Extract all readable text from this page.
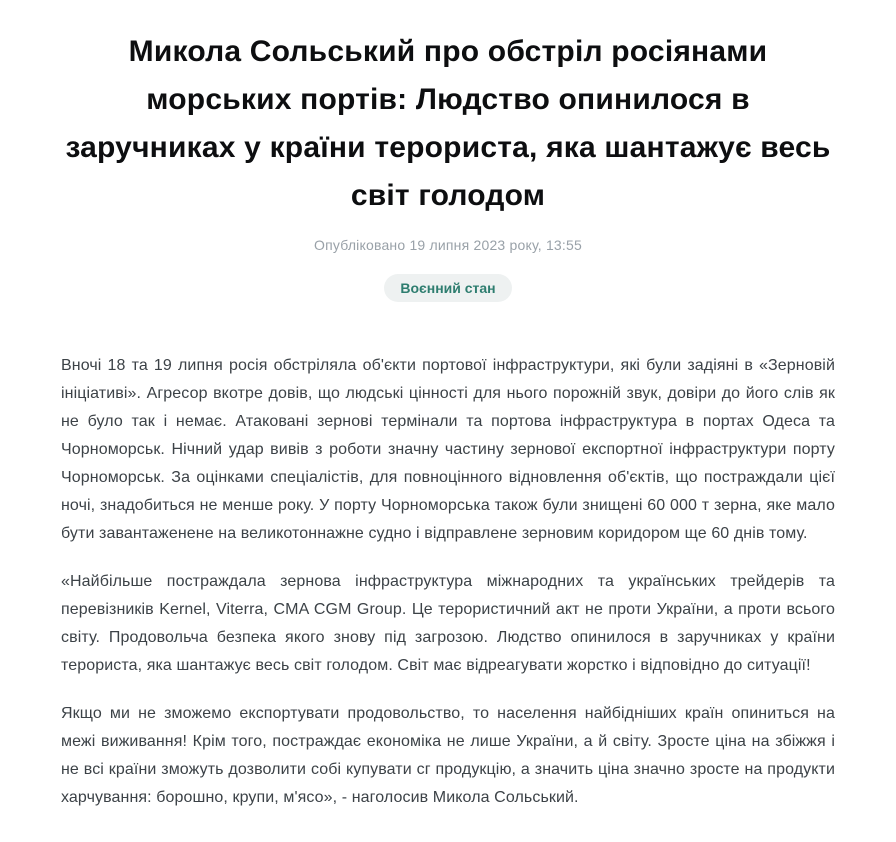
Микола Сольський про обстріл росіянами морських портів: Людство опинилося в заручниках у країни терориста, яка шантажує весь світ голодом
Опубліковано 19 липня 2023 року, 13:55
Воєнний стан

Вночі 18 та 19 липня росія обстріляла об'єкти портової інфраструктури, які були задіяні в «Зерновій ініціативі». Агресор вкотре довів, що людські цінності для нього порожній звук, довіри до його слів як не було так і немає. Атаковані зернові термінали та портова інфраструктура в портах Одеса та Чорноморськ. Нічний удар вивів з роботи значну частину зернової експортної інфраструктури порту Чорноморськ. За оцінками спеціалістів, для повноцінного відновлення об'єктів, що постраждали цієї ночі, знадобиться не менше року. У порту Чорноморська також були знищені 60 000 т зерна, яке мало бути завантаженене на великотоннажне судно і відправлене зерновим коридором ще 60 днів тому.

«Найбільше постраждала зернова інфраструктура міжнародних та українських трейдерів та перевізників Kernel, Viterra, CMA CGM Group. Це терористичний акт не проти України, а проти всього світу. Продовольча безпека якого знову під загрозою. Людство опинилося в заручниках у країни терориста, яка шантажує весь світ голодом. Світ має відреагувати жорстко і відповідно до ситуації!

Якщо ми не зможемо експортувати продовольство, то населення найбідніших країн опиниться на межі виживання! Крім того, постраждає економіка не лише України, а й світу. Зросте ціна на збіжжя і не всі країни зможуть дозволити собі купувати сг продукцію, а значить ціна значно зросте на продукти харчування: борошно, крупи, м'ясо», - наголосив Микола Сольський.
